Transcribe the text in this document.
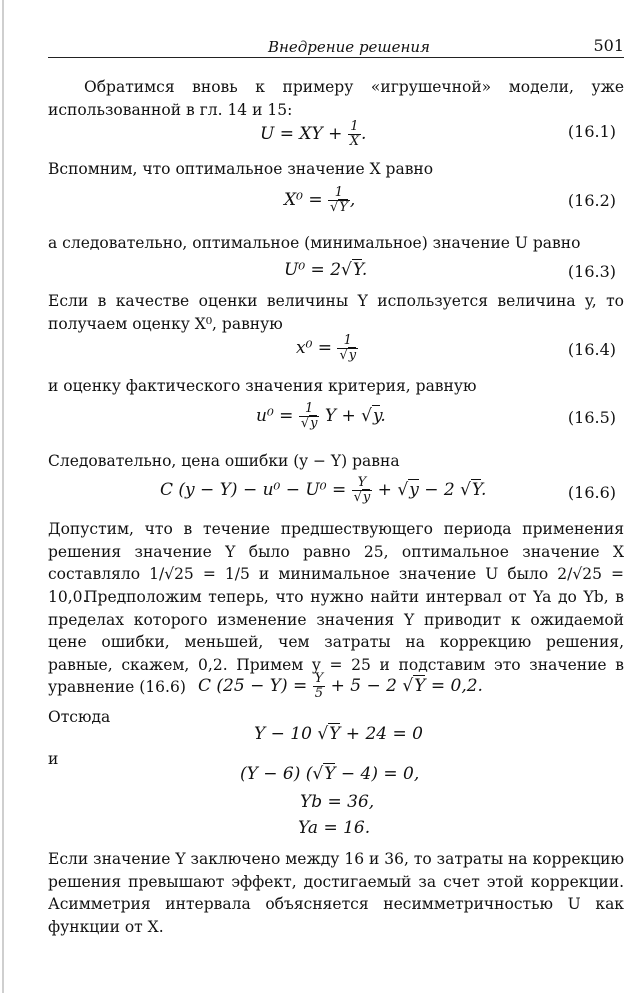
Внедрение решения	501
Обратимся вновь к примеру «игрушечной» модели, уже использованной в гл. 14 и 15:
U = XY + $\frac{1}{X}$ .	(16.1)
Вспомним, что оптимальное значение X равно
$X^0 = \frac{1}{√Y}$ ,	(16.2)
а следовательно, оптимальное (минимальное) значение U равно
U⁰ = 2√Y.	(16.3)
Если в качестве оценки величины Y используется величина y, то получаем оценку X⁰, равную
$x^0 = \frac{1}{√y}$	(16.4)
и оценку фактического значения критерия, равную
$u^0 = \frac{1}{√y}$ Y + √y.	(16.5)
Следовательно, цена ошибки (y − Y) равна
C $(y - Y) - u^0 - U^0 = \frac{Y}{√y} + √y - 2$ √Y.	(16.6)
Допустим, что в течение предшествующего периода применения решения значение Y было равно 25, оптимальное значение X составляло 1/√25 = 1/5 и минимальное значение U было 2/√25 = 10,0.
Предположим теперь, что нужно найти интервал от Ya до Yb, в пределах которого изменение значения Y приводит к ожидаемой цене ошибки, меньшей, чем затраты на коррекцию решения, равные, скажем, 0,2. Примем y = 25 и подставим это значение в уравнение (16.6) C $(25 - Y) = \frac{Y}{5} + 5 - 2$ √Y = 0,2.
Отсюда
Y − 10 √Y + 24 = 0
и
(Y − 6) (√Y − 4) = 0,
Yb = 36,
Ya = 16.
Если значение Y заключено между 16 и 36, то затраты на коррекцию решения превышают эффект, достигаемый за счет этой коррекции. Асимметрия интервала объясняется несимметричностью U как функции от X.
